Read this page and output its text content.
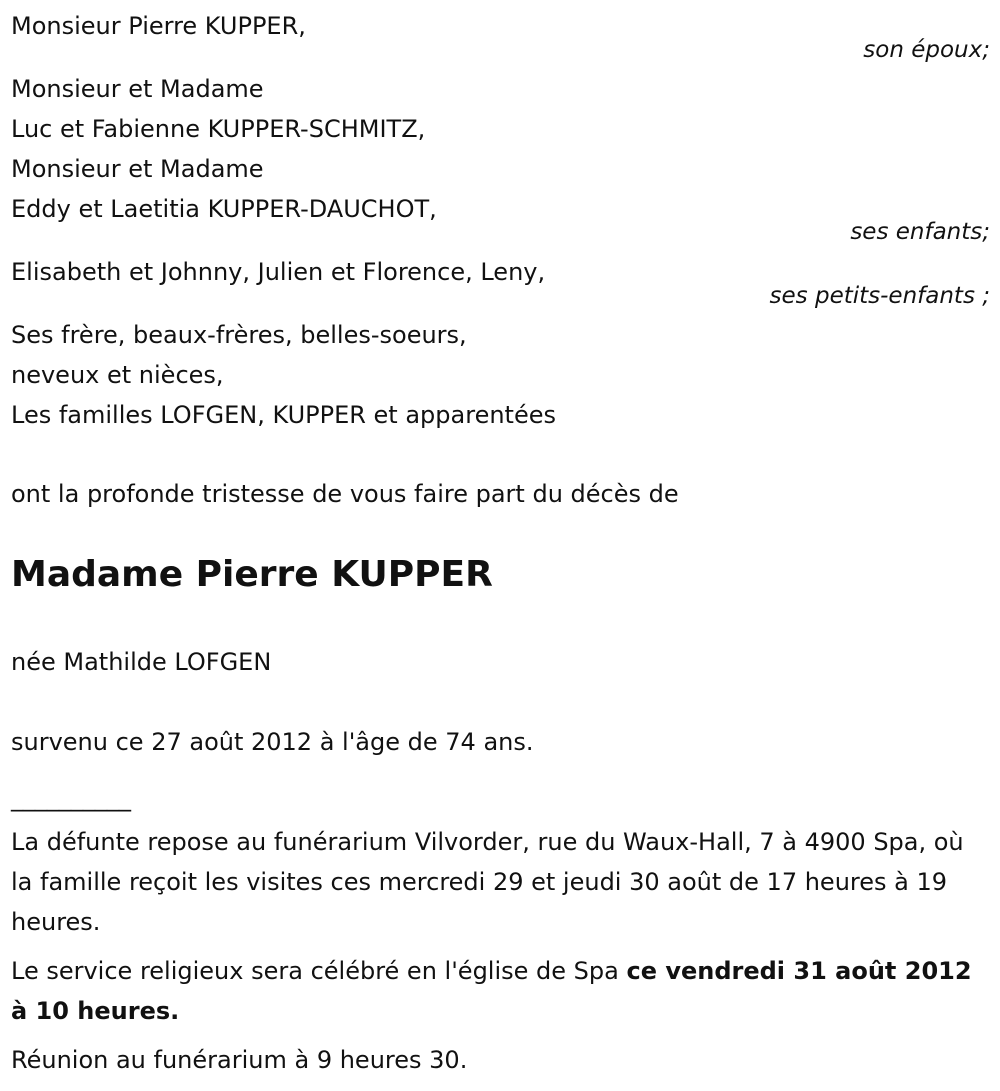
Monsieur Pierre KUPPER,
son époux;
Monsieur et Madame
Luc et Fabienne KUPPER-SCHMITZ,
Monsieur et Madame
Eddy et Laetitia KUPPER-DAUCHOT,
ses enfants;
Elisabeth et Johnny, Julien et Florence, Leny,
ses petits-enfants ;
Ses frère, beaux-frères, belles-soeurs,
neveux et nièces,
Les familles LOFGEN, KUPPER et apparentées
ont la profonde tristesse de vous faire part du décès de
Madame Pierre KUPPER
née Mathilde LOFGEN
survenu ce 27 août 2012 à l'âge de 74 ans.
__________
La défunte repose au funérarium Vilvorder, rue du Waux-Hall, 7 à 4900 Spa, où la famille reçoit les visites ces mercredi 29 et jeudi 30 août de 17 heures à 19 heures.
Le service religieux sera célébré en l'église de Spa ce vendredi 31 août 2012 à 10 heures.
Réunion au funérarium à 9 heures 30.
